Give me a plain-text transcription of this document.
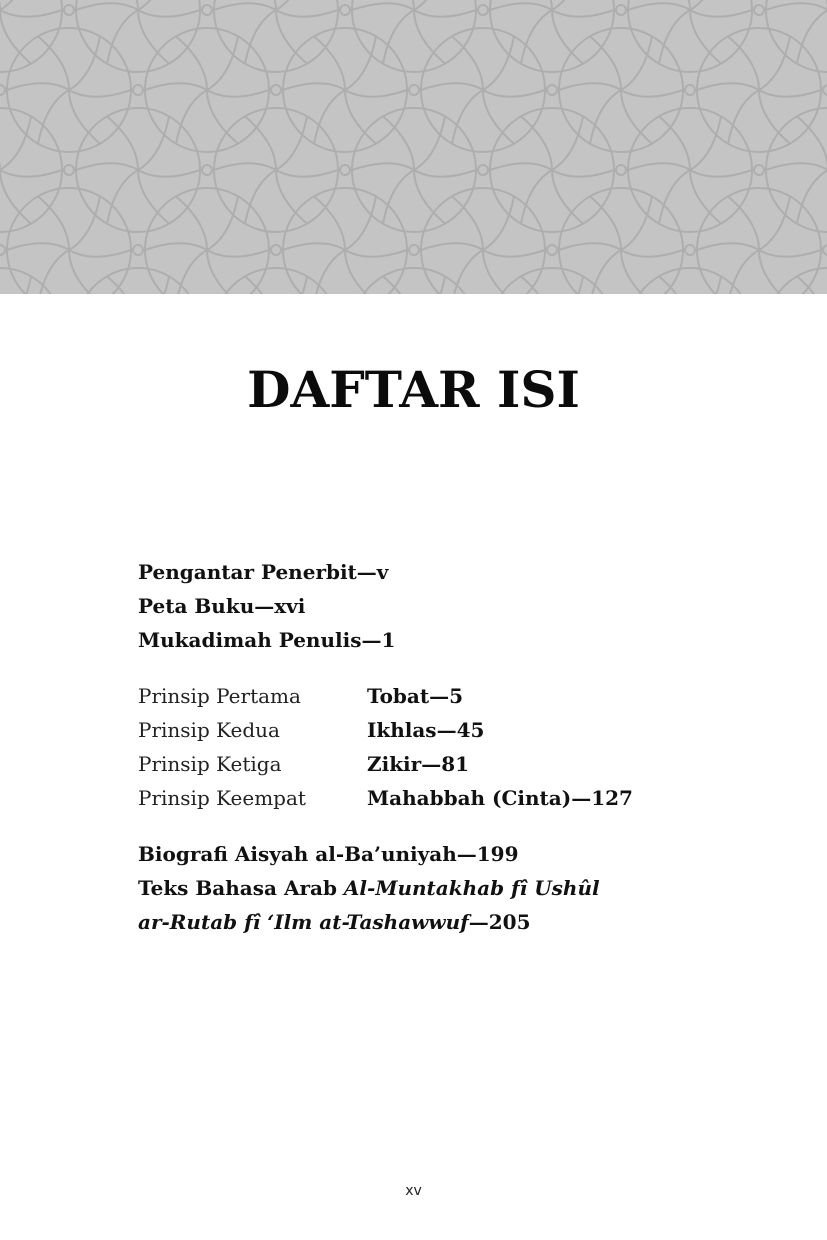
DAFTAR ISI
Pengantar Penerbit—v
Peta Buku—xvi
Mukadimah Penulis—1
Prinsip Pertama	Tobat—5
Prinsip Kedua	Ikhlas—45
Prinsip Ketiga	Zikir—81
Prinsip Keempat	Mahabbah (Cinta)—127
Biografi Aisyah al-Ba’uniyah—199
Teks Bahasa Arab Al-Muntakhab fî Ushûl
ar-Rutab fî ‘Ilm at-Tashawwuf—205
xv
